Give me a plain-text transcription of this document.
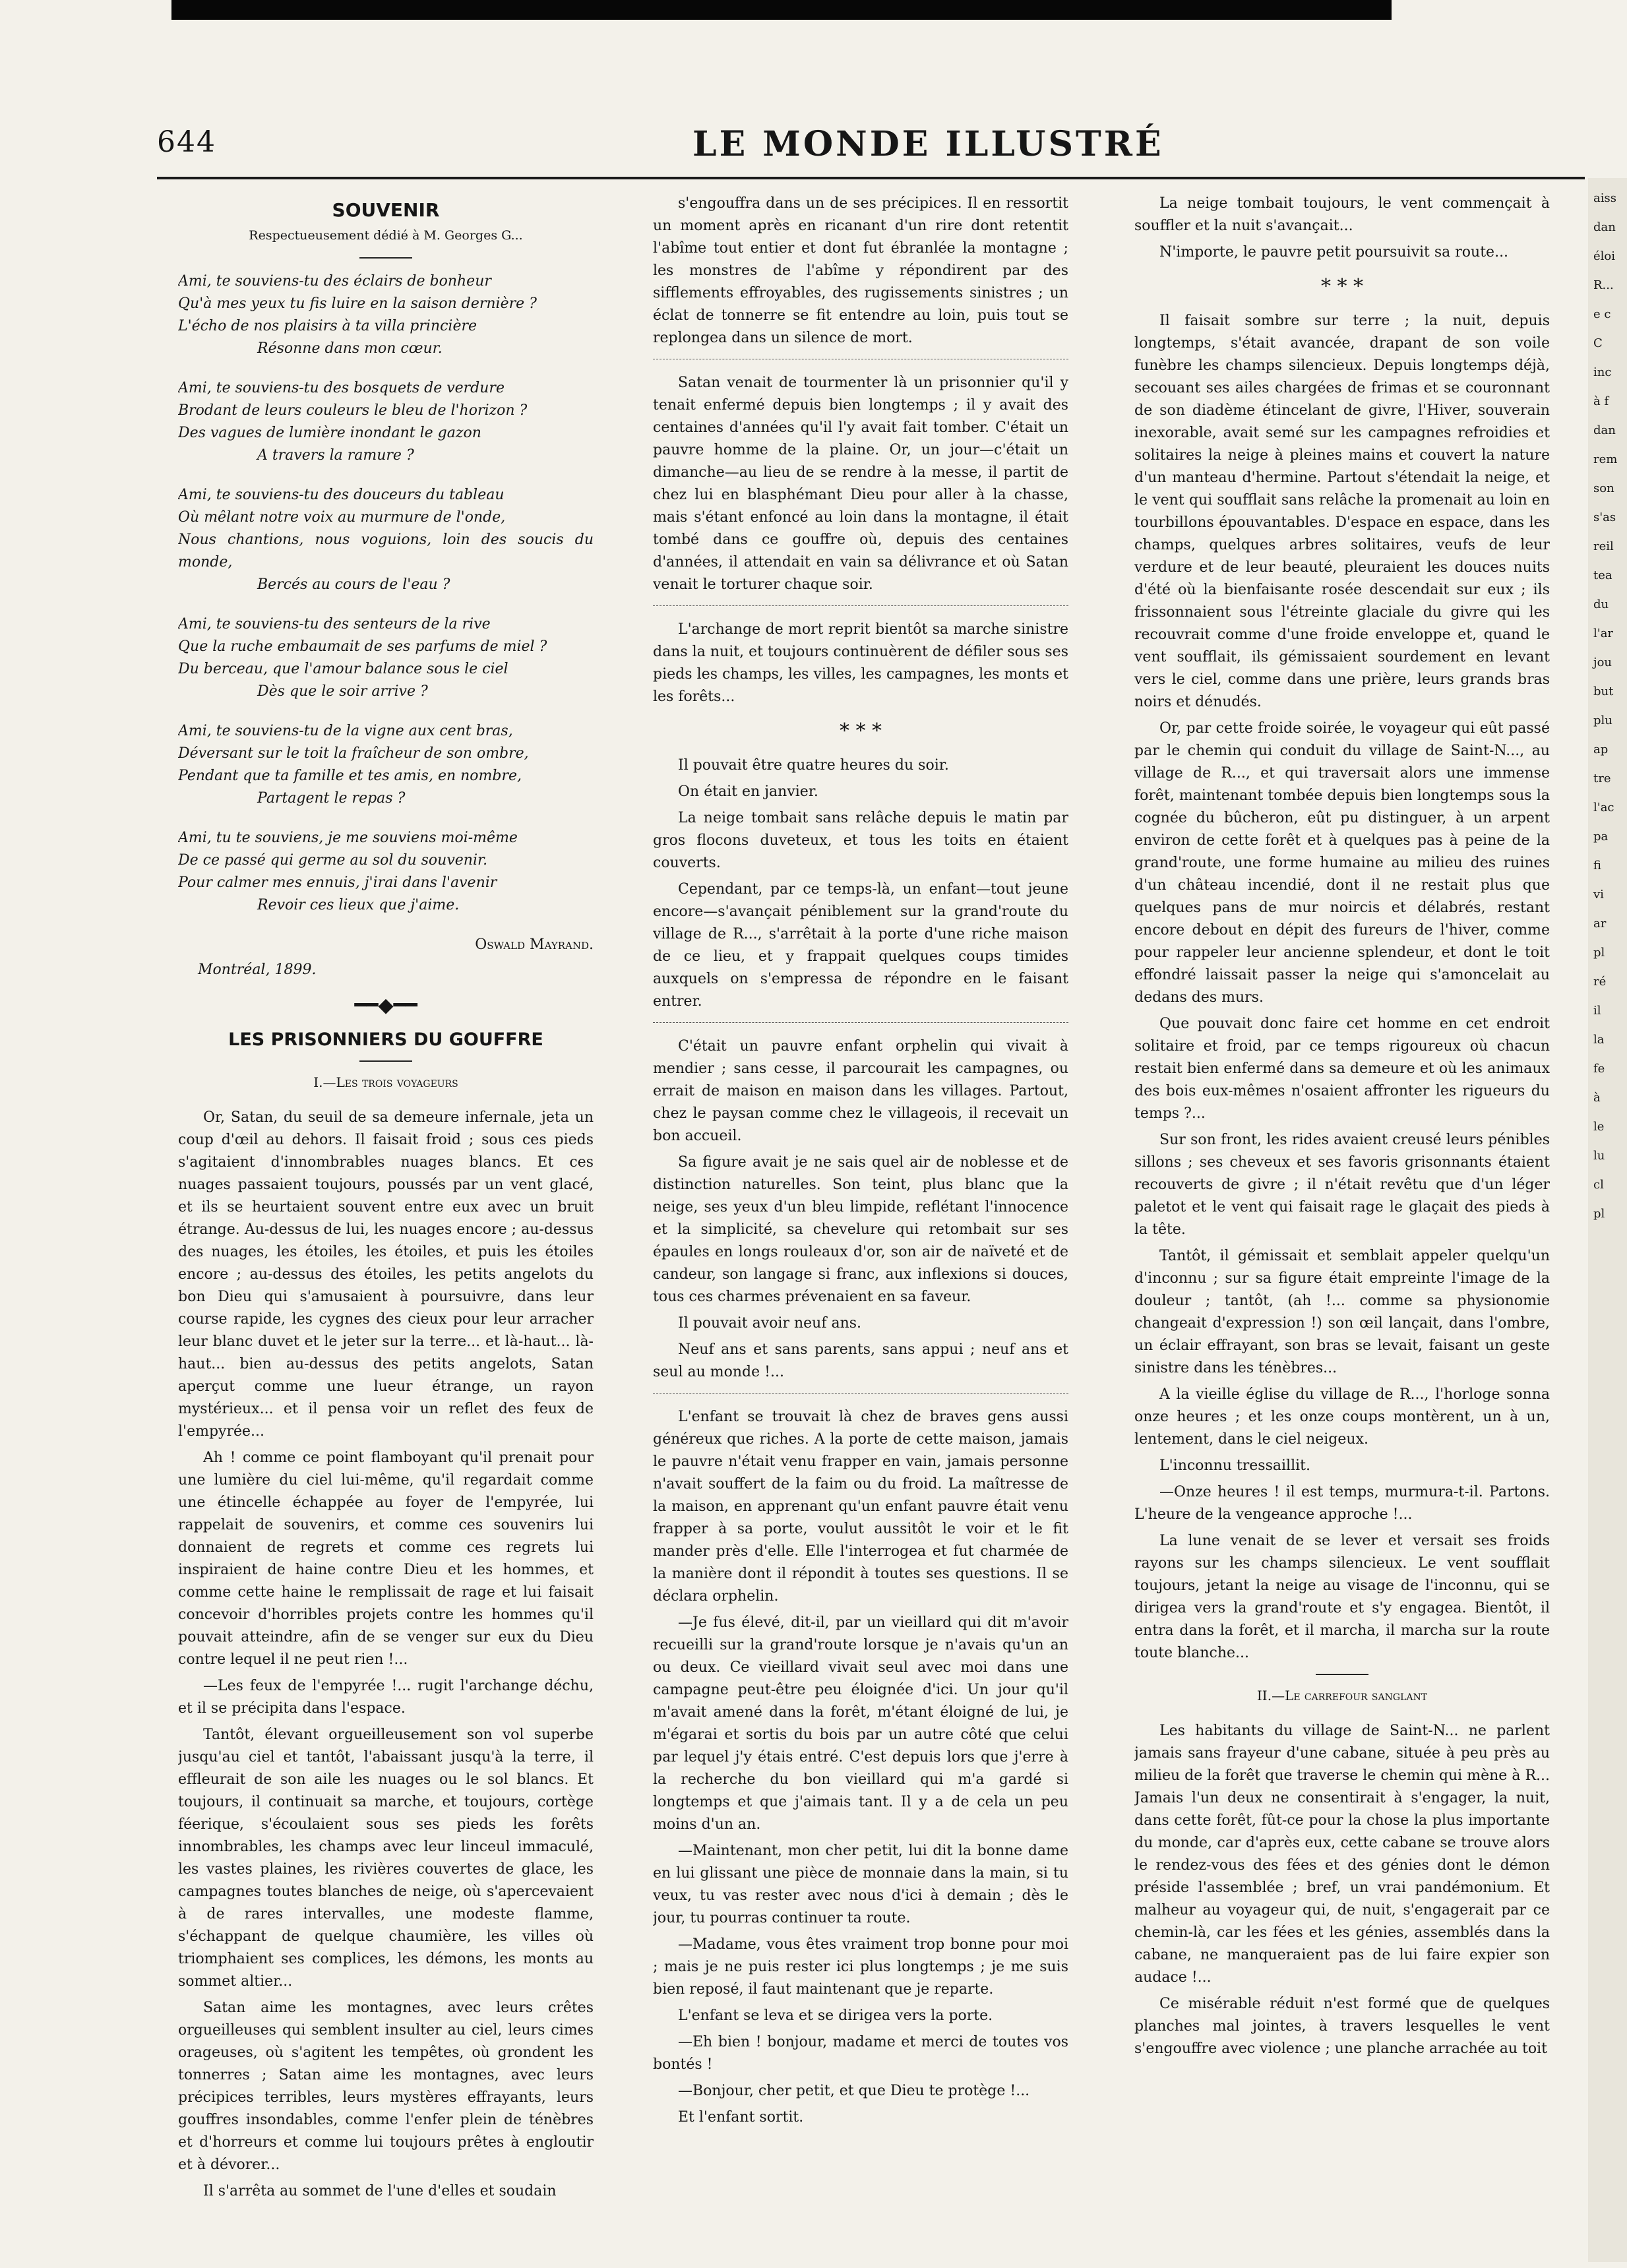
644	LE MONDE ILLUSTRÉ
SOUVENIR
Respectueusement dédié à M. Georges G...
Ami, te souviens-tu des éclairs de bonheur
Qu'à mes yeux tu fis luire en la saison dernière ?
L'écho de nos plaisirs à ta villa princière
Résonne dans mon cœur.
Ami, te souviens-tu des bosquets de verdure
Brodant de leurs couleurs le bleu de l'horizon ?
Des vagues de lumière inondant le gazon
A travers la ramure ?
Ami, te souviens-tu des douceurs du tableau
Où mêlant notre voix au murmure de l'onde,
Nous chantions, nous voguions, loin des soucis du monde,
Bercés au cours de l'eau ?
Ami, te souviens-tu des senteurs de la rive
Que la ruche embaumait de ses parfums de miel ?
Du berceau, que l'amour balance sous le ciel
Dès que le soir arrive ?
Ami, te souviens-tu de la vigne aux cent bras,
Déversant sur le toit la fraîcheur de son ombre,
Pendant que ta famille et tes amis, en nombre,
Partagent le repas ?
Ami, tu te souviens, je me souviens moi-même
De ce passé qui germe au sol du souvenir.
Pour calmer mes ennuis, j'irai dans l'avenir
Revoir ces lieux que j'aime.
Oswald Mayrand.
Montréal, 1899.
━━◆━━
LES PRISONNIERS DU GOUFFRE
I.—Les trois voyageurs

Or, Satan, du seuil de sa demeure infernale, jeta un coup d'œil au dehors. Il faisait froid ; sous ces pieds s'agitaient d'innombrables nuages blancs. Et ces nuages passaient toujours, poussés par un vent glacé, et ils se heurtaient souvent entre eux avec un bruit étrange. Au-dessus de lui, les nuages encore ; au-dessus des nuages, les étoiles, les étoiles, et puis les étoiles encore ; au-dessus des étoiles, les petits angelots du bon Dieu qui s'amusaient à poursuivre, dans leur course rapide, les cygnes des cieux pour leur arracher leur blanc duvet et le jeter sur la terre... et là-haut... là-haut... bien au-dessus des petits angelots, Satan aperçut comme une lueur étrange, un rayon mystérieux... et il pensa voir un reflet des feux de l'empyrée...

Ah ! comme ce point flamboyant qu'il prenait pour une lumière du ciel lui-même, qu'il regardait comme une étincelle échappée au foyer de l'empyrée, lui rappelait de souvenirs, et comme ces souvenirs lui donnaient de regrets et comme ces regrets lui inspiraient de haine contre Dieu et les hommes, et comme cette haine le remplissait de rage et lui faisait concevoir d'horribles projets contre les hommes qu'il pouvait atteindre, afin de se venger sur eux du Dieu contre lequel il ne peut rien !...

—Les feux de l'empyrée !... rugit l'archange déchu, et il se précipita dans l'espace.

Tantôt, élevant orgueilleusement son vol superbe jusqu'au ciel et tantôt, l'abaissant jusqu'à la terre, il effleurait de son aile les nuages ou le sol blancs. Et toujours, il continuait sa marche, et toujours, cortège féerique, s'écoulaient sous ses pieds les forêts innombrables, les champs avec leur linceul immaculé, les vastes plaines, les rivières couvertes de glace, les campagnes toutes blanches de neige, où s'apercevaient à de rares intervalles, une modeste flamme, s'échappant de quelque chaumière, les villes où triomphaient ses complices, les démons, les monts au sommet altier...

Satan aime les montagnes, avec leurs crêtes orgueilleuses qui semblent insulter au ciel, leurs cimes orageuses, où s'agitent les tempêtes, où grondent les tonnerres ; Satan aime les montagnes, avec leurs précipices terribles, leurs mystères effrayants, leurs gouffres insondables, comme l'enfer plein de ténèbres et d'horreurs et comme lui toujours prêtes à engloutir et à dévorer...

Il s'arrêta au sommet de l'une d'elles et soudain

s'engouffra dans un de ses précipices. Il en ressortit un moment après en ricanant d'un rire dont retentit l'abîme tout entier et dont fut ébranlée la montagne ; les monstres de l'abîme y répondirent par des sifflements effroyables, des rugissements sinistres ; un éclat de tonnerre se fit entendre au loin, puis tout se replongea dans un silence de mort.

Satan venait de tourmenter là un prisonnier qu'il y tenait enfermé depuis bien longtemps ; il y avait des centaines d'années qu'il l'y avait fait tomber. C'était un pauvre homme de la plaine. Or, un jour—c'était un dimanche—au lieu de se rendre à la messe, il partit de chez lui en blasphémant Dieu pour aller à la chasse, mais s'étant enfoncé au loin dans la montagne, il était tombé dans ce gouffre où, depuis des centaines d'années, il attendait en vain sa délivrance et où Satan venait le torturer chaque soir.

L'archange de mort reprit bientôt sa marche sinistre dans la nuit, et toujours continuèrent de défiler sous ses pieds les champs, les villes, les campagnes, les monts et les forêts...

* * *

Il pouvait être quatre heures du soir.

On était en janvier.

La neige tombait sans relâche depuis le matin par gros flocons duveteux, et tous les toits en étaient couverts.

Cependant, par ce temps-là, un enfant—tout jeune encore—s'avançait péniblement sur la grand'route du village de R..., s'arrêtait à la porte d'une riche maison de ce lieu, et y frappait quelques coups timides auxquels on s'empressa de répondre en le faisant entrer.

C'était un pauvre enfant orphelin qui vivait à mendier ; sans cesse, il parcourait les campagnes, ou errait de maison en maison dans les villages. Partout, chez le paysan comme chez le villageois, il recevait un bon accueil.

Sa figure avait je ne sais quel air de noblesse et de distinction naturelles. Son teint, plus blanc que la neige, ses yeux d'un bleu limpide, reflétant l'innocence et la simplicité, sa chevelure qui retombait sur ses épaules en longs rouleaux d'or, son air de naïveté et de candeur, son langage si franc, aux inflexions si douces, tous ces charmes prévenaient en sa faveur.

Il pouvait avoir neuf ans.

Neuf ans et sans parents, sans appui ; neuf ans et seul au monde !...

L'enfant se trouvait là chez de braves gens aussi généreux que riches. A la porte de cette maison, jamais le pauvre n'était venu frapper en vain, jamais personne n'avait souffert de la faim ou du froid. La maîtresse de la maison, en apprenant qu'un enfant pauvre était venu frapper à sa porte, voulut aussitôt le voir et le fit mander près d'elle. Elle l'interrogea et fut charmée de la manière dont il répondit à toutes ses questions. Il se déclara orphelin.

—Je fus élevé, dit-il, par un vieillard qui dit m'avoir recueilli sur la grand'route lorsque je n'avais qu'un an ou deux. Ce vieillard vivait seul avec moi dans une campagne peut-être peu éloignée d'ici. Un jour qu'il m'avait amené dans la forêt, m'étant éloigné de lui, je m'égarai et sortis du bois par un autre côté que celui par lequel j'y étais entré. C'est depuis lors que j'erre à la recherche du bon vieillard qui m'a gardé si longtemps et que j'aimais tant. Il y a de cela un peu moins d'un an.

—Maintenant, mon cher petit, lui dit la bonne dame en lui glissant une pièce de monnaie dans la main, si tu veux, tu vas rester avec nous d'ici à demain ; dès le jour, tu pourras continuer ta route.

—Madame, vous êtes vraiment trop bonne pour moi ; mais je ne puis rester ici plus longtemps ; je me suis bien reposé, il faut maintenant que je reparte.

L'enfant se leva et se dirigea vers la porte.

—Eh bien ! bonjour, madame et merci de toutes vos bontés !

—Bonjour, cher petit, et que Dieu te protège !...

Et l'enfant sortit.

La neige tombait toujours, le vent commençait à souffler et la nuit s'avançait...

N'importe, le pauvre petit poursuivit sa route...

* * *

Il faisait sombre sur terre ; la nuit, depuis longtemps, s'était avancée, drapant de son voile funèbre les champs silencieux. Depuis longtemps déjà, secouant ses ailes chargées de frimas et se couronnant de son diadème étincelant de givre, l'Hiver, souverain inexorable, avait semé sur les campagnes refroidies et solitaires la neige à pleines mains et couvert la nature d'un manteau d'hermine. Partout s'étendait la neige, et le vent qui soufflait sans relâche la promenait au loin en tourbillons épouvantables. D'espace en espace, dans les champs, quelques arbres solitaires, veufs de leur verdure et de leur beauté, pleuraient les douces nuits d'été où la bienfaisante rosée descendait sur eux ; ils frissonnaient sous l'étreinte glaciale du givre qui les recouvrait comme d'une froide enveloppe et, quand le vent soufflait, ils gémissaient sourdement en levant vers le ciel, comme dans une prière, leurs grands bras noirs et dénudés.

Or, par cette froide soirée, le voyageur qui eût passé par le chemin qui conduit du village de Saint-N..., au village de R..., et qui traversait alors une immense forêt, maintenant tombée depuis bien longtemps sous la cognée du bûcheron, eût pu distinguer, à un arpent environ de cette forêt et à quelques pas à peine de la grand'route, une forme humaine au milieu des ruines d'un château incendié, dont il ne restait plus que quelques pans de mur noircis et délabrés, restant encore debout en dépit des fureurs de l'hiver, comme pour rappeler leur ancienne splendeur, et dont le toit effondré laissait passer la neige qui s'amoncelait au dedans des murs.

Que pouvait donc faire cet homme en cet endroit solitaire et froid, par ce temps rigoureux où chacun restait bien enfermé dans sa demeure et où les animaux des bois eux-mêmes n'osaient affronter les rigueurs du temps ?...

Sur son front, les rides avaient creusé leurs pénibles sillons ; ses cheveux et ses favoris grisonnants étaient recouverts de givre ; il n'était revêtu que d'un léger paletot et le vent qui faisait rage le glaçait des pieds à la tête.

Tantôt, il gémissait et semblait appeler quelqu'un d'inconnu ; sur sa figure était empreinte l'image de la douleur ; tantôt, (ah !... comme sa physionomie changeait d'expression !) son œil lançait, dans l'ombre, un éclair effrayant, son bras se levait, faisant un geste sinistre dans les ténèbres...

A la vieille église du village de R..., l'horloge sonna onze heures ; et les onze coups montèrent, un à un, lentement, dans le ciel neigeux.

L'inconnu tressaillit.

—Onze heures ! il est temps, murmura-t-il. Partons. L'heure de la vengeance approche !...

La lune venait de se lever et versait ses froids rayons sur les champs silencieux. Le vent soufflait toujours, jetant la neige au visage de l'inconnu, qui se dirigea vers la grand'route et s'y engagea. Bientôt, il entra dans la forêt, et il marcha, il marcha sur la route toute blanche...

II.—Le carrefour sanglant

Les habitants du village de Saint-N... ne parlent jamais sans frayeur d'une cabane, située à peu près au milieu de la forêt que traverse le chemin qui mène à R... Jamais l'un deux ne consentirait à s'engager, la nuit, dans cette forêt, fût-ce pour la chose la plus importante du monde, car d'après eux, cette cabane se trouve alors le rendez-vous des fées et des génies dont le démon préside l'assemblée ; bref, un vrai pandémonium. Et malheur au voyageur qui, de nuit, s'engagerait par ce chemin-là, car les fées et les génies, assemblés dans la cabane, ne manqueraient pas de lui faire expier son audace !...

Ce misérable réduit n'est formé que de quelques planches mal jointes, à travers lesquelles le vent s'engouffre avec violence ; une planche arrachée au toit

aiss
dan
éloi
R...
e c
C
inc
à f
dan
rem
son
s'as
reil
tea
du
l'ar
jou
but
plu
ap
tre
l'ac
pa
fi
vi
ar
pl
ré
il
la
fe
à
le
lu
cl
pl
